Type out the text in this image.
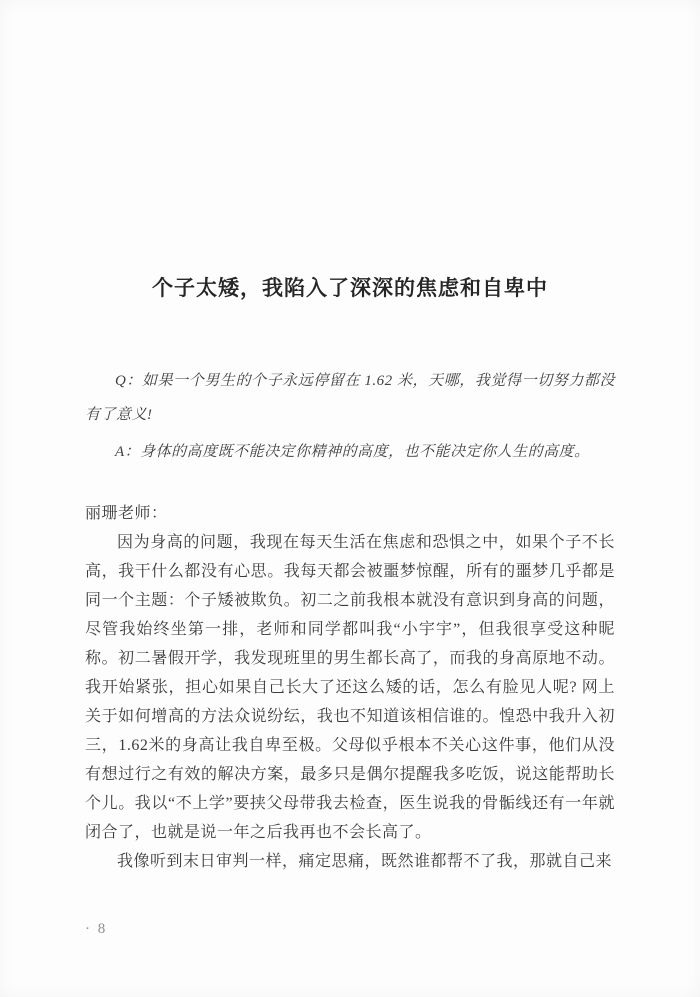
个子太矮，我陷入了深深的焦虑和自卑中

Q：如果一个男生的个子永远停留在 1.62 米，天哪，我觉得一切努力都没有了意义!

A：身体的高度既不能决定你精神的高度，也不能决定你人生的高度。

丽珊老师：

因为身高的问题，我现在每天生活在焦虑和恐惧之中，如果个子不长高，我干什么都没有心思。我每天都会被噩梦惊醒，所有的噩梦几乎都是同一个主题：个子矮被欺负。初二之前我根本就没有意识到身高的问题，尽管我始终坐第一排，老师和同学都叫我“小宇宇”，但我很享受这种昵称。初二暑假开学，我发现班里的男生都长高了，而我的身高原地不动。我开始紧张，担心如果自己长大了还这么矮的话，怎么有脸见人呢? 网上关于如何增高的方法众说纷纭，我也不知道该相信谁的。惶恐中我升入初三，1.62米的身高让我自卑至极。父母似乎根本不关心这件事，他们从没有想过行之有效的解决方案，最多只是偶尔提醒我多吃饭，说这能帮助长个儿。我以“不上学”要挟父母带我去检查，医生说我的骨骺线还有一年就闭合了，也就是说一年之后我再也不会长高了。

我像听到末日审判一样，痛定思痛，既然谁都帮不了我，那就自己来

· 8
